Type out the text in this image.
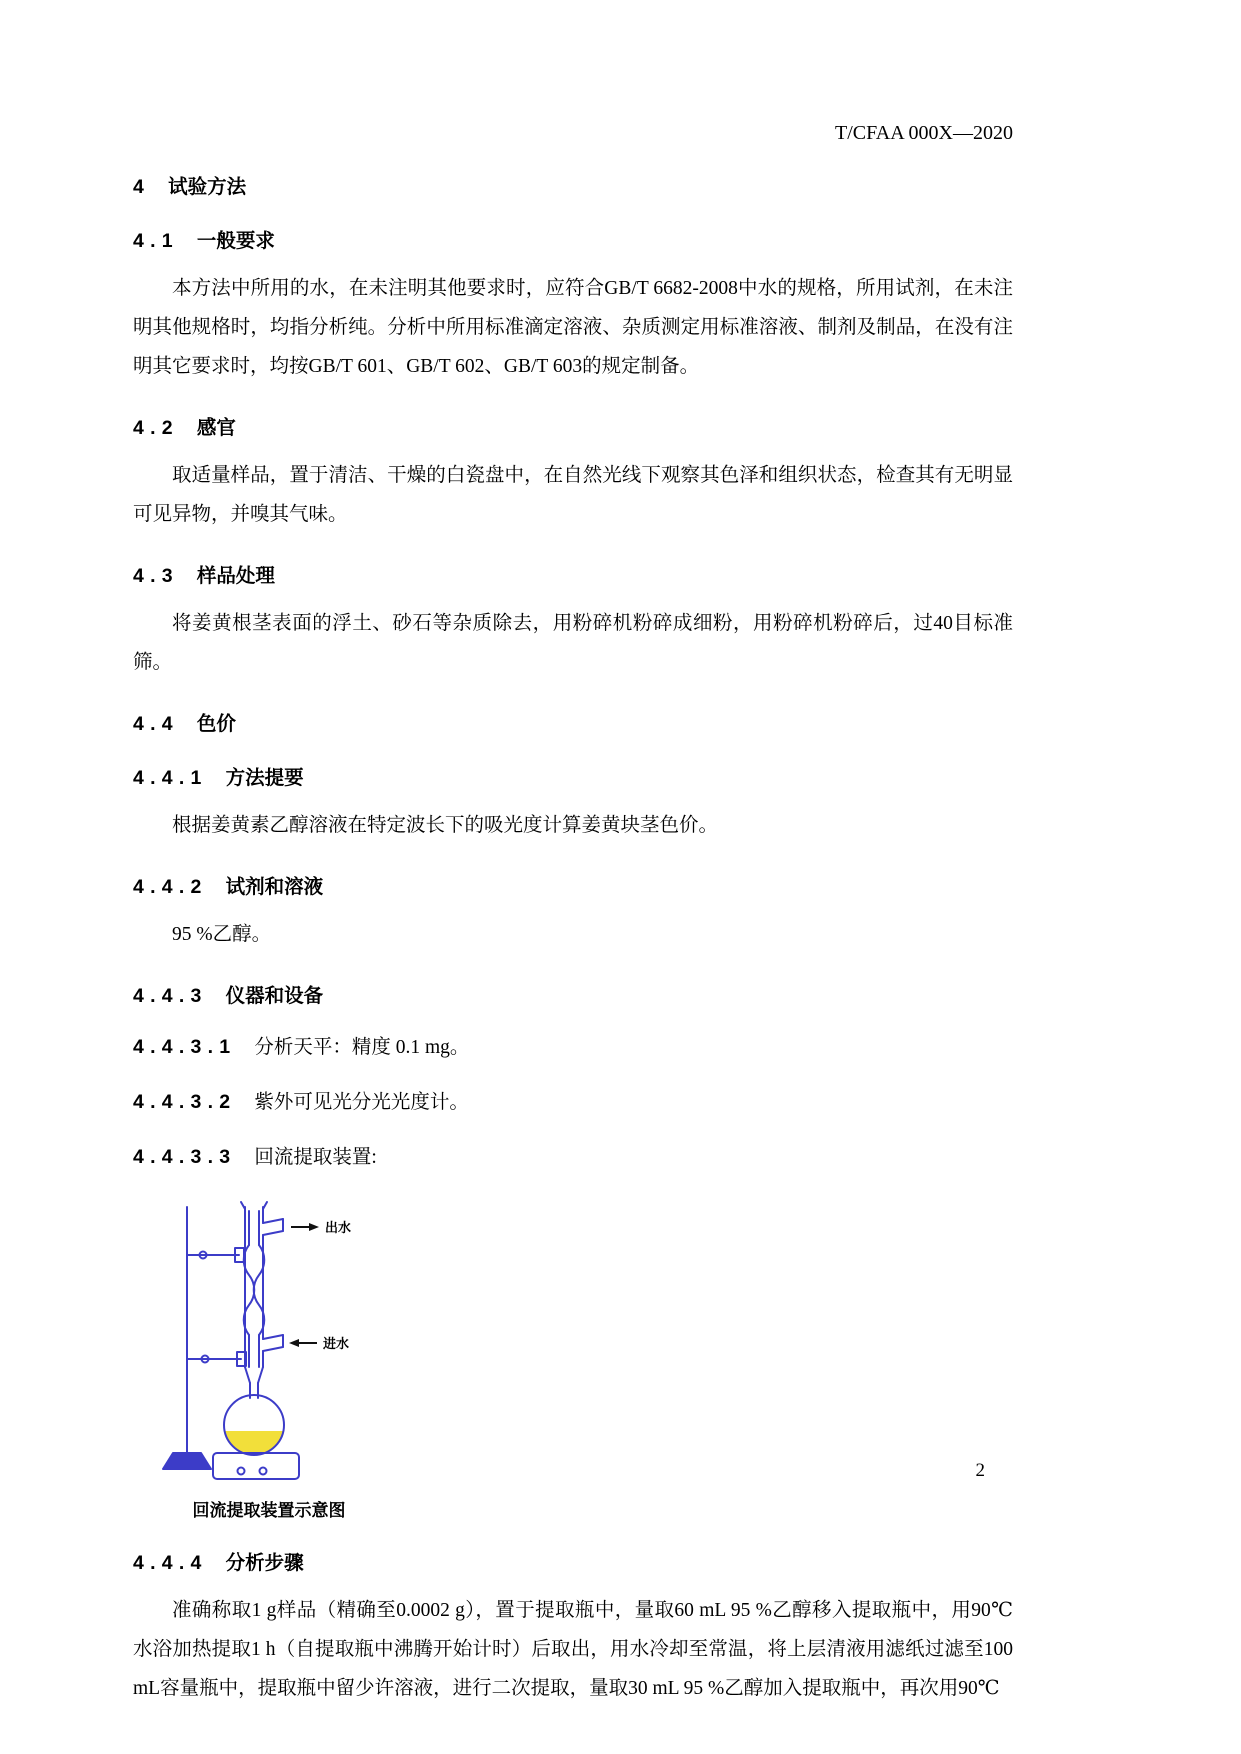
T/CFAA 000X—2020
4 试验方法
4.1 一般要求

本方法中所用的水，在未注明其他要求时，应符合GB/T 6682-2008中水的规格，所用试剂，在未注明其他规格时，均指分析纯。分析中所用标准滴定溶液、杂质测定用标准溶液、制剂及制品，在没有注明其它要求时，均按GB/T 601、GB/T 602、GB/T 603的规定制备。

4.2 感官

取适量样品，置于清洁、干燥的白瓷盘中，在自然光线下观察其色泽和组织状态，检查其有无明显可见异物，并嗅其气味。

4.3 样品处理

将姜黄根茎表面的浮土、砂石等杂质除去，用粉碎机粉碎成细粉，用粉碎机粉碎后，过40目标准筛。

4.4 色价
4.4.1 方法提要

根据姜黄素乙醇溶液在特定波长下的吸光度计算姜黄块茎色价。

4.4.2 试剂和溶液

95 %乙醇。

4.4.3 仪器和设备

4.4.3.1 分析天平：精度 0.1 mg。

4.4.3.2 紫外可见光分光光度计。

4.4.3.3 回流提取装置:

出水
进水
回流提取装置示意图
4.4.4 分析步骤

准确称取1 g样品（精确至0.0002 g），置于提取瓶中，量取60 mL 95 %乙醇移入提取瓶中，用90℃水浴加热提取1 h（自提取瓶中沸腾开始计时）后取出，用水冷却至常温，将上层清液用滤纸过滤至100 mL容量瓶中，提取瓶中留少许溶液，进行二次提取，量取30 mL 95 %乙醇加入提取瓶中，再次用90℃

2
